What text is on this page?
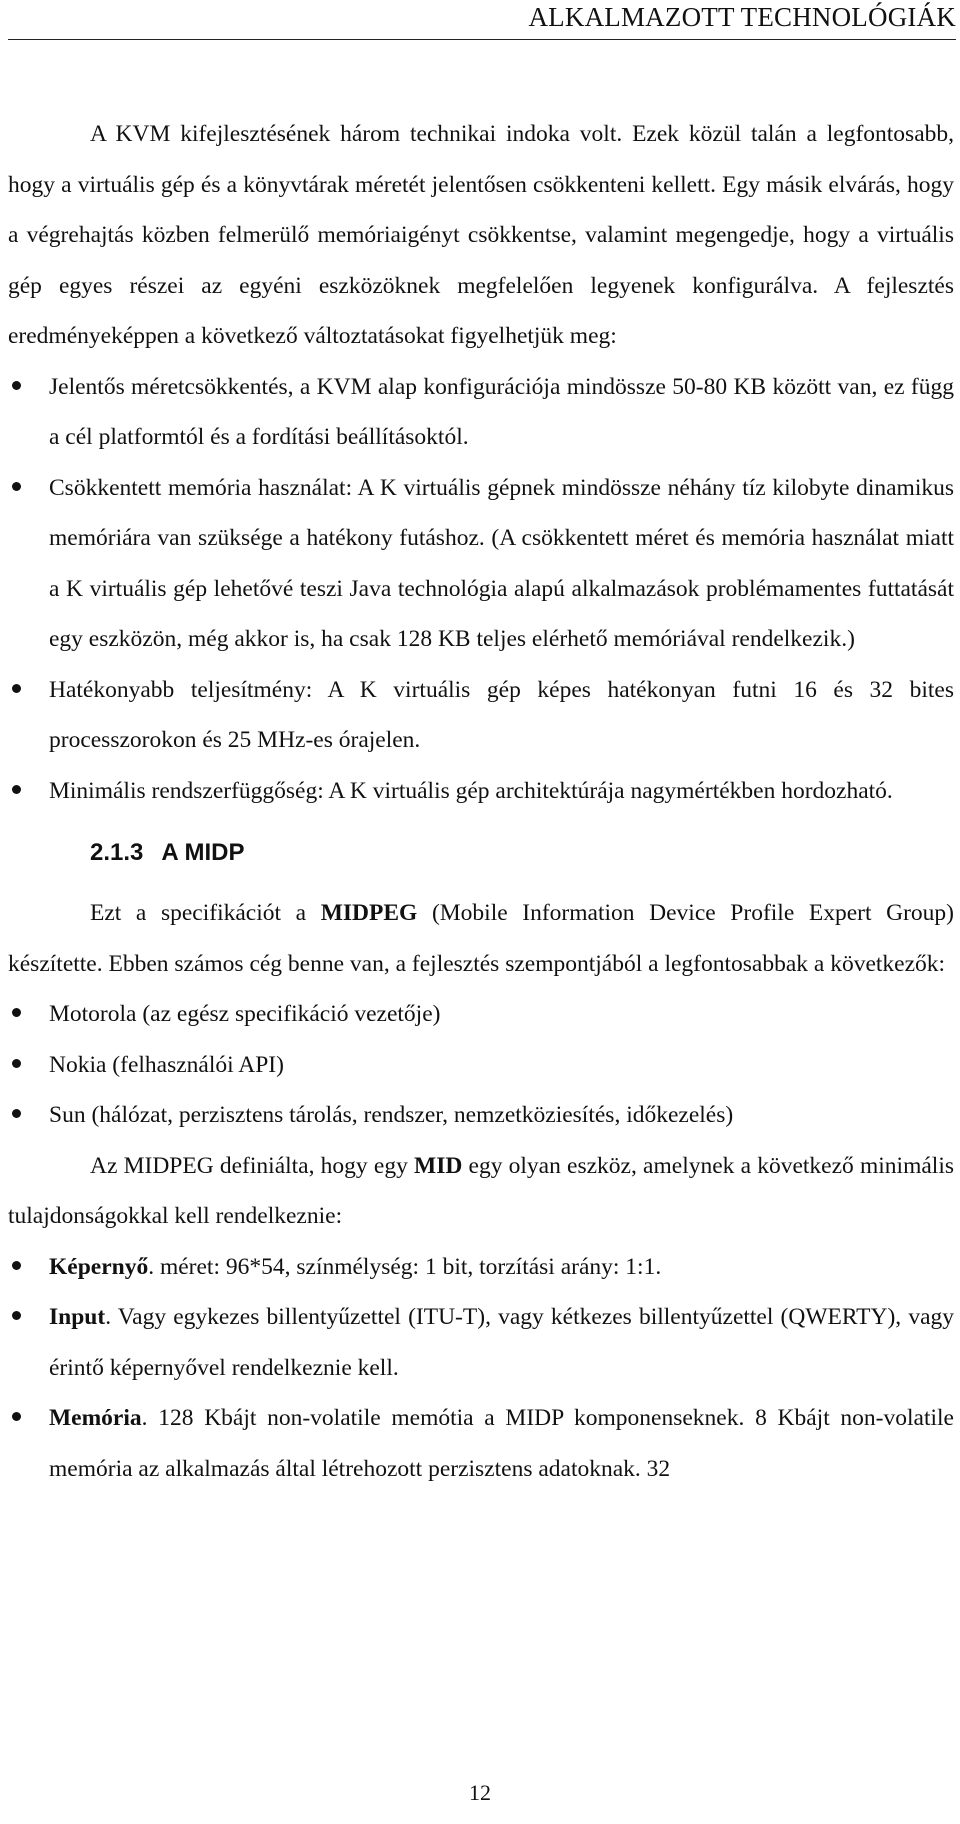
ALKALMAZOTT TECHNOLÓGIÁK

A KVM kifejlesztésének három technikai indoka volt. Ezek közül talán a legfontosabb, hogy a virtuális gép és a könyvtárak méretét jelentősen csökkenteni kellett. Egy másik elvárás, hogy a végrehajtás közben felmerülő memóriaigényt csökkentse, valamint megengedje, hogy a virtuális gép egyes részei az egyéni eszközöknek megfelelően legyenek konfigurálva. A fejlesztés eredményeképpen a következő változtatásokat figyelhetjük meg:

Jelentős méretcsökkentés, a KVM alap konfigurációja mindössze 50-80 KB között van, ez függ a cél platformtól és a fordítási beállításoktól.
Csökkentett memória használat: A K virtuális gépnek mindössze néhány tíz kilobyte dinamikus memóriára van szüksége a hatékony futáshoz. (A csökkentett méret és memória használat miatt a K virtuális gép lehetővé teszi Java technológia alapú alkalmazások problémamentes futtatását egy eszközön, még akkor is, ha csak 128 KB teljes elérhető memóriával rendelkezik.)
Hatékonyabb teljesítmény: A K virtuális gép képes hatékonyan futni 16 és 32 bites processzorokon és 25 MHz-es órajelen.
Minimális rendszerfüggőség: A K virtuális gép architektúrája nagymértékben hordozható.
2.1.3 A MIDP

Ezt a specifikációt a MIDPEG (Mobile Information Device Profile Expert Group) készítette. Ebben számos cég benne van, a fejlesztés szempontjából a legfontosabbak a következők:

Motorola (az egész specifikáció vezetője)
Nokia (felhasználói API)
Sun (hálózat, perzisztens tárolás, rendszer, nemzetköziesítés, időkezelés)

Az MIDPEG definiálta, hogy egy MID egy olyan eszköz, amelynek a következő minimális tulajdonságokkal kell rendelkeznie:

Képernyő. méret: 96*54, színmélység: 1 bit, torzítási arány: 1:1.
Input. Vagy egykezes billentyűzettel (ITU-T), vagy kétkezes billentyűzettel (QWERTY), vagy érintő képernyővel rendelkeznie kell.
Memória. 128 Kbájt non-volatile memótia a MIDP komponenseknek. 8 Kbájt non-volatile memória az alkalmazás által létrehozott perzisztens adatoknak. 32
12
